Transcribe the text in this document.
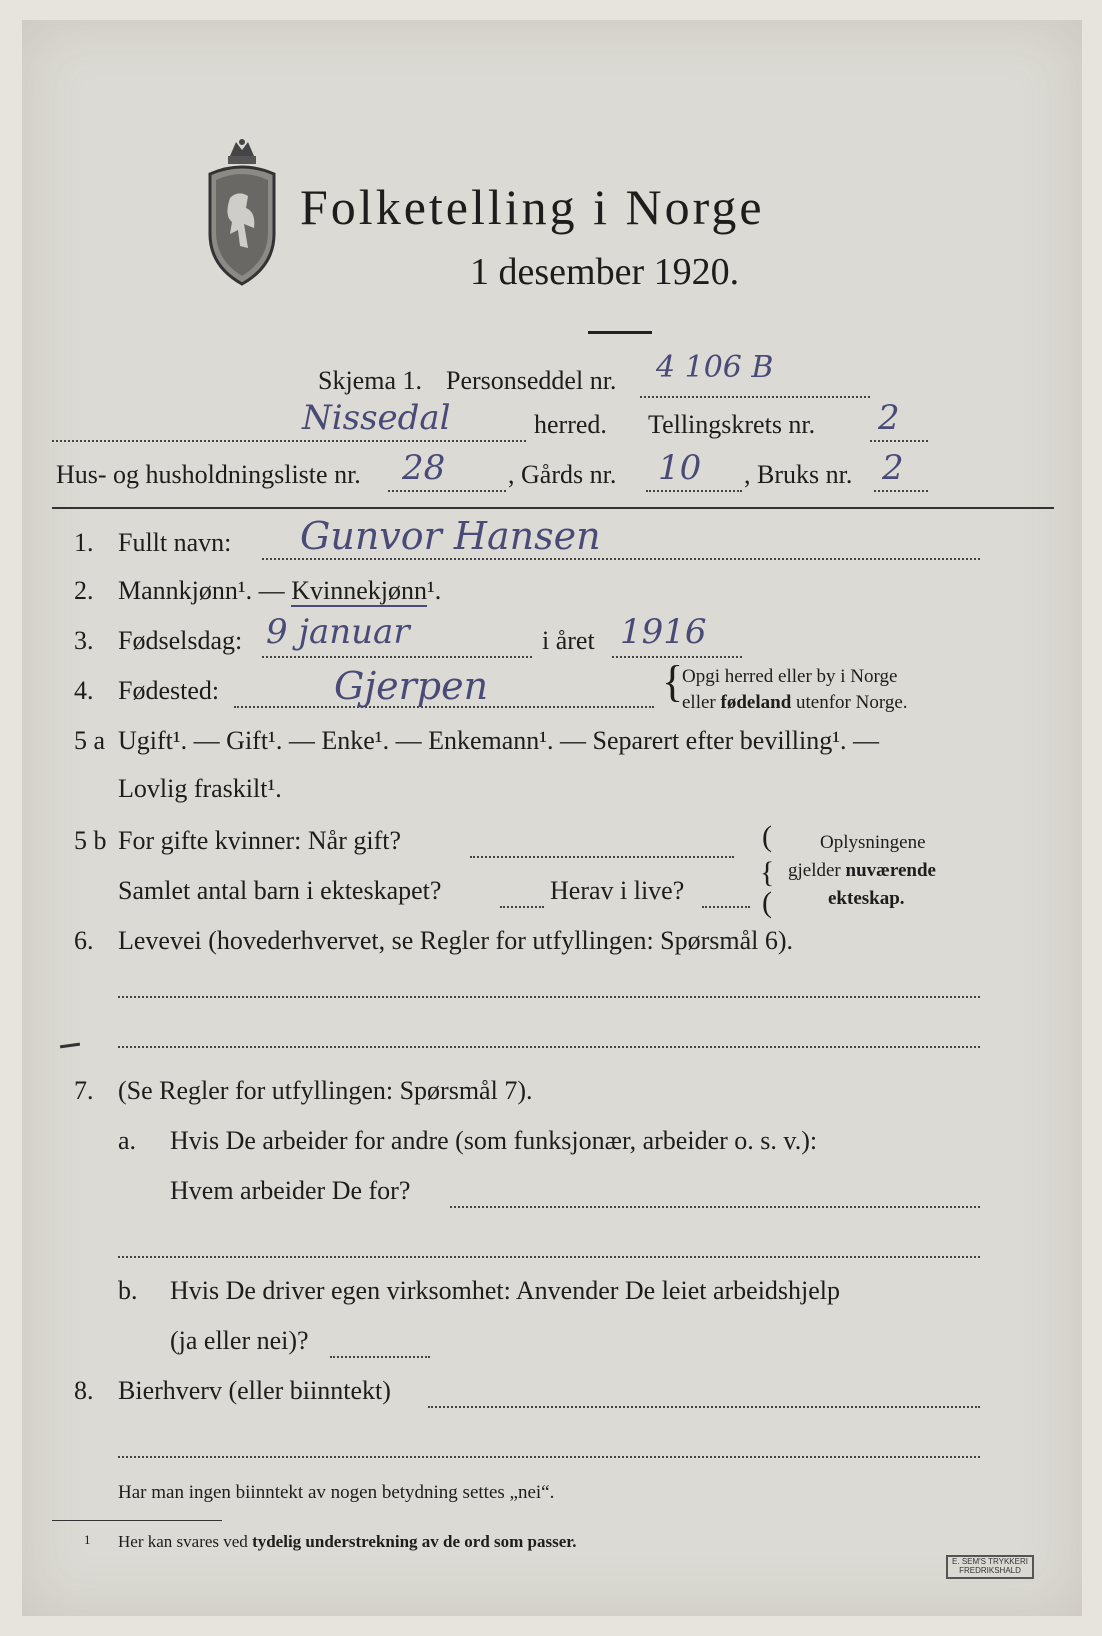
Folketelling i Norge
1 desember 1920.
Skjema 1. Personseddel nr. 4 106 B
Nissedal	herred. Tellingskrets nr. 2
Hus- og husholdningsliste nr. 28 , Gårds nr. 10 , Bruks nr. 2
1. Fullt navn: Gunvor Hansen
2. Mannkjønn¹. — Kvinnekjønn¹.
3. Fødselsdag: 9 januar	i året 1916
4. Fødested:	Gjerpen	{
Opgi herred eller by i Norge
eller fødeland utenfor Norge.
5 a Ugift¹. — Gift¹. — Enke¹. — Enkemann¹. — Separert efter bevilling¹. —
Lovlig fraskilt¹.
5 b For gifte kvinner: Når gift?
Samlet antal barn i ekteskapet?	Herav i live?
(
{
(
Oplysningene
gjelder nuværende
ekteskap.
6. Levevei (hovederhvervet, se Regler for utfyllingen: Spørsmål 6).
7. (Se Regler for utfyllingen: Spørsmål 7).
a. Hvis De arbeider for andre (som funksjonær, arbeider o. s. v.):
Hvem arbeider De for?
b. Hvis De driver egen virksomhet: Anvender De leiet arbeidshjelp
(ja eller nei)?
8. Bierhverv (eller biinntekt)
Har man ingen biinntekt av nogen betydning settes „nei“.
1 Her kan svares ved tydelig understrekning av de ord som passer.
E. SEM'S TRYKKERI
FREDRIKSHALD
